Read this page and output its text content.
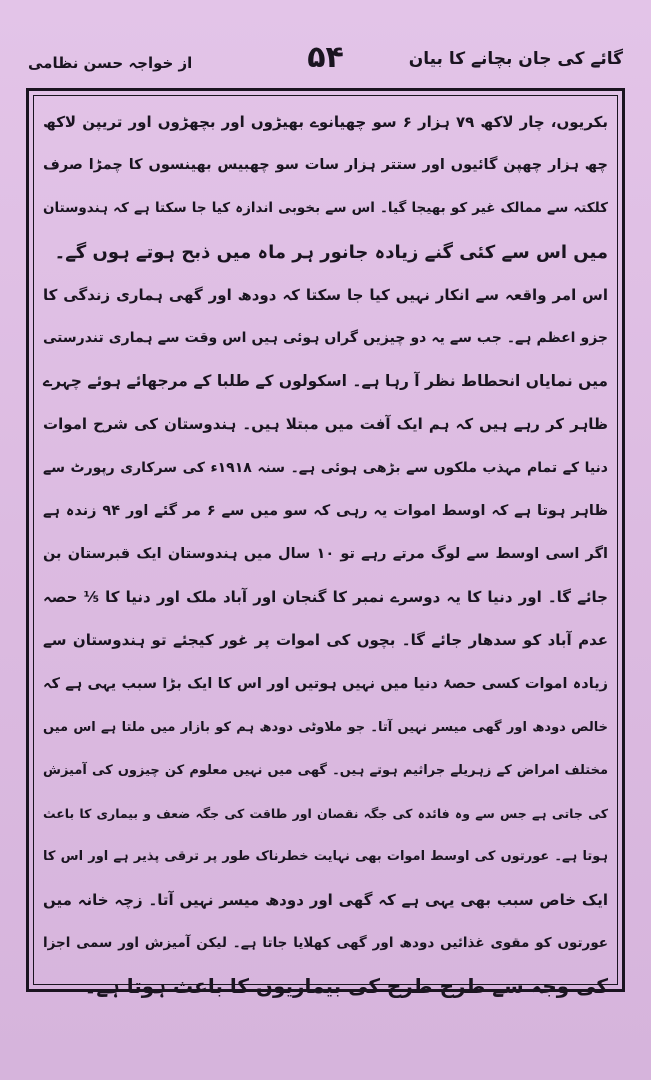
گائے کی جان بچانے کا بیان
۵۴
از خواجہ حسن نظامی
بکریوں، چار لاکھ ۷۹ ہزار ۶ سو چھیانوے بھیڑوں اور بچھڑوں اور تریپن لاکھ
چھ ہزار چھپن گائیوں اور ستتر ہزار سات سو چھبیس بھینسوں کا چمڑا صرف
کلکتہ سے ممالک غیر کو بھیجا گیا۔ اس سے بخوبی اندازہ کیا جا سکتا ہے کہ ہندوستان
میں اس سے کئی گنے زیادہ جانور ہر ماہ میں ذبح ہوتے ہوں گے۔
اس امر واقعہ سے انکار نہیں کیا جا سکتا کہ دودھ اور گھی ہماری زندگی کا
جزو اعظم ہے۔ جب سے یہ دو چیزیں گراں ہوئی ہیں اس وقت سے ہماری تندرستی
میں نمایاں انحطاط نظر آ رہا ہے۔ اسکولوں کے طلبا کے مرجھائے ہوئے چہرے
ظاہر کر رہے ہیں کہ ہم ایک آفت میں مبتلا ہیں۔ ہندوستان کی شرح اموات
دنیا کے تمام مہذب ملکوں سے بڑھی ہوئی ہے۔ سنہ ۱۹۱۸ء کی سرکاری رپورٹ سے
ظاہر ہوتا ہے کہ اوسط اموات یہ رہی کہ سو میں سے ۶ مر گئے اور ۹۴ زندہ ہے
اگر اسی اوسط سے لوگ مرتے رہے تو ۱۰ سال میں ہندوستان ایک قبرستان بن
جائے گا۔ اور دنیا کا یہ دوسرے نمبر کا گنجان اور آباد ملک اور دنیا کا ⅕ حصہ
عدم آباد کو سدھار جائے گا۔ بچوں کی اموات پر غور کیجئے تو ہندوستان سے
زیادہ اموات کسی حصۂ دنیا میں نہیں ہوتیں اور اس کا ایک بڑا سبب یہی ہے کہ
خالص دودھ اور گھی میسر نہیں آتا۔ جو ملاوٹی دودھ ہم کو بازار میں ملتا ہے اس میں
مختلف امراض کے زہریلے جراثیم ہوتے ہیں۔ گھی میں نہیں معلوم کن چیزوں کی آمیزش
کی جاتی ہے جس سے وہ فائدہ کی جگہ نقصان اور طاقت کی جگہ ضعف و بیماری کا باعث
ہوتا ہے۔ عورتوں کی اوسط اموات بھی نہایت خطرناک طور پر ترقی پذیر ہے اور اس کا
ایک خاص سبب بھی یہی ہے کہ گھی اور دودھ میسر نہیں آتا۔ زچہ خانہ میں
عورتوں کو مقوی غذائیں دودھ اور گھی کھلایا جاتا ہے۔ لیکن آمیزش اور سمی اجزا
کی وجہ سے طرح طرح کی بیماریوں کا باعث ہوتا ہے۔
